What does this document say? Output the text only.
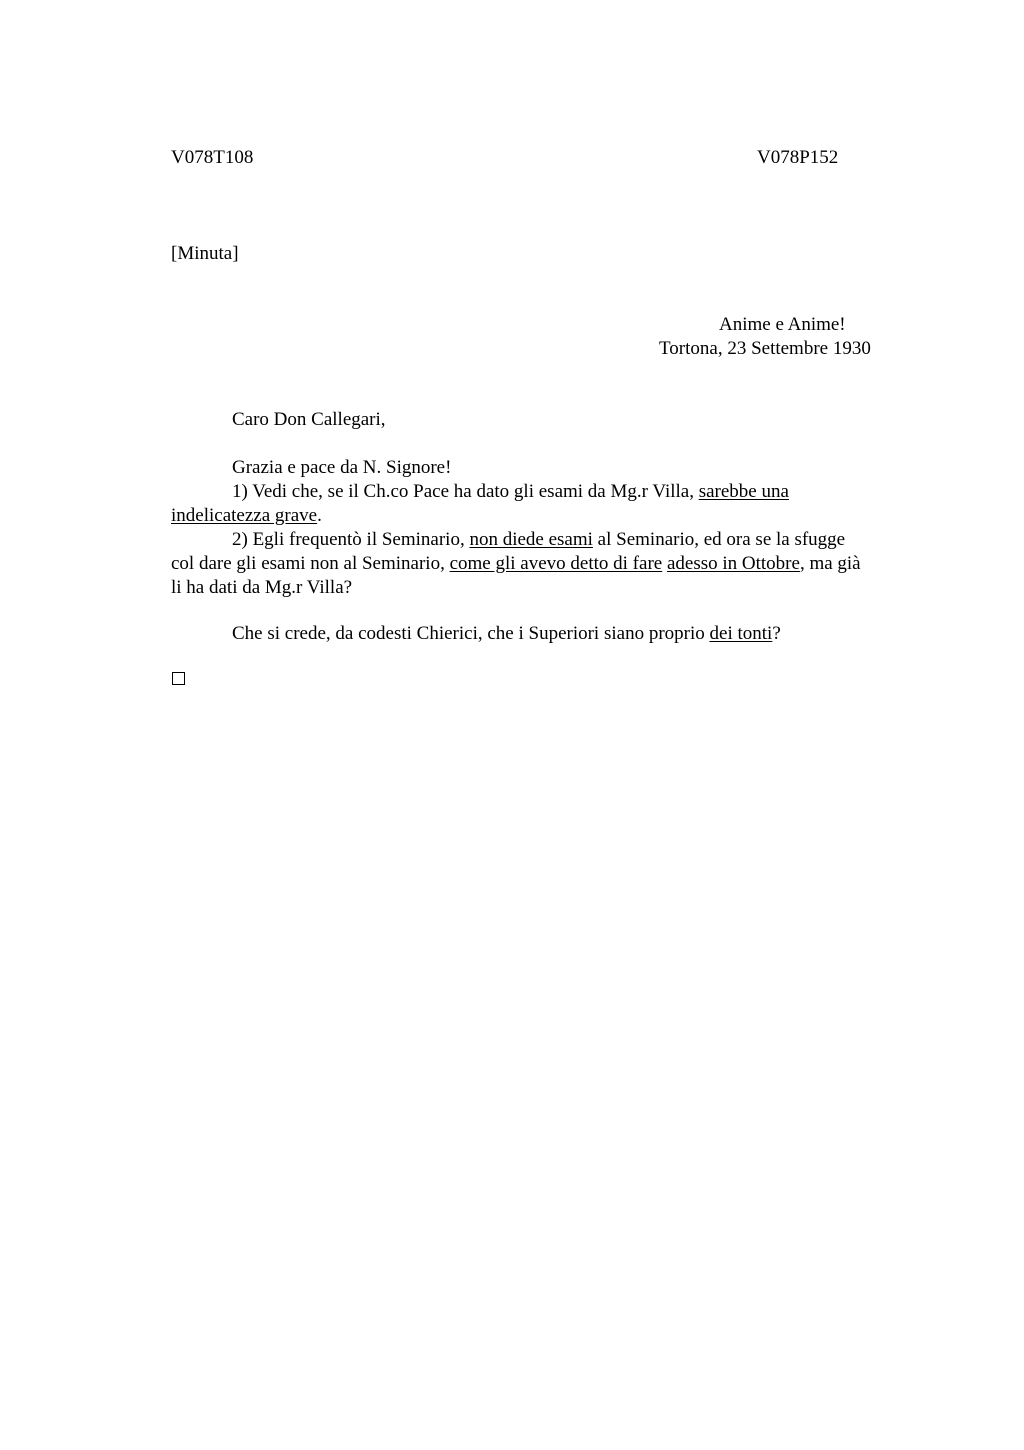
V078T108	V078P152
[Minuta]
Anime e Anime!
Tortona, 23 Settembre 1930
Caro Don Callegari,
Grazia e pace da N. Signore!
1) Vedi che, se il Ch.co Pace ha dato gli esami da Mg.r Villa, sarebbe una
indelicatezza grave.
2) Egli frequentò il Seminario, non diede esami al Seminario, ed ora se la sfugge
col dare gli esami non al Seminario, come gli avevo detto di fare adesso in Ottobre, ma già
li ha dati da Mg.r Villa?
Che si crede, da codesti Chierici, che i Superiori siano proprio dei tonti?
